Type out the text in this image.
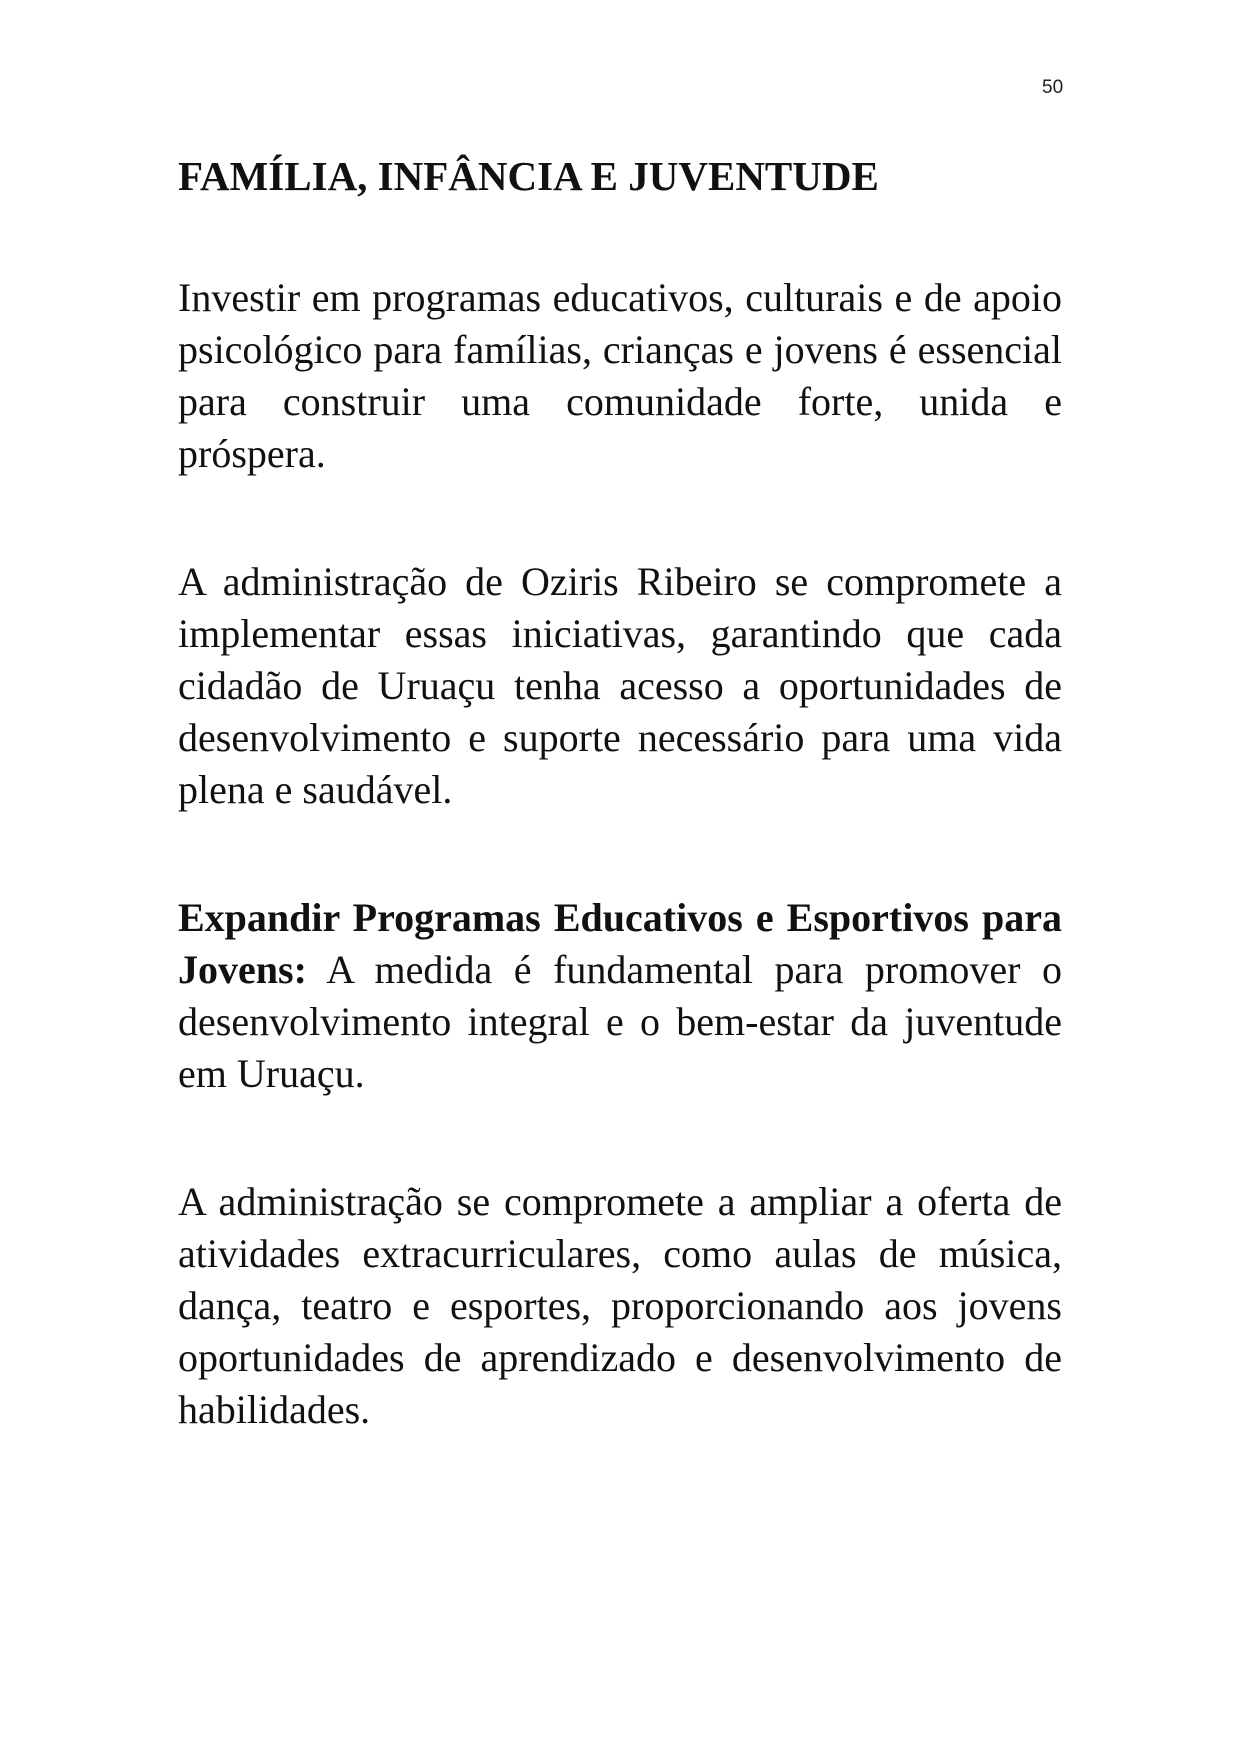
50
FAMÍLIA, INFÂNCIA E JUVENTUDE

Investir em programas educativos, culturais e de apoio psicológico para famílias, crianças e jovens é essencial para construir uma comunidade forte, unida e próspera.

A administração de Oziris Ribeiro se compromete a implementar essas iniciativas, garantindo que cada cidadão de Uruaçu tenha acesso a oportunidades de desenvolvimento e suporte necessário para uma vida plena e saudável.

Expandir Programas Educativos e Esportivos para Jovens: A medida é fundamental para promover o desenvolvimento integral e o bem-estar da juventude em Uruaçu.

A administração se compromete a ampliar a oferta de atividades extracurriculares, como aulas de música, dança, teatro e esportes, proporcionando aos jovens oportunidades de aprendizado e desenvolvimento de habilidades.
